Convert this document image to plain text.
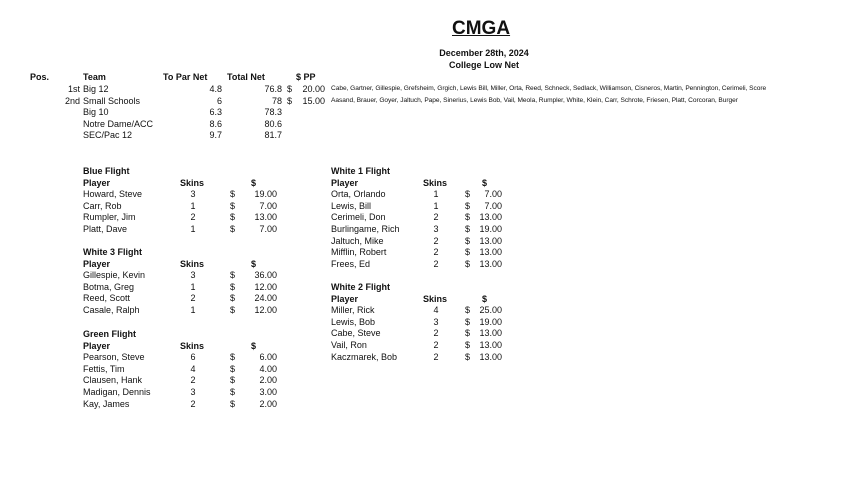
CMGA
December 28th, 2024
College Low Net
Pos.	Team	To Par Net Total Net	$ PP
1st Big 12	4.8	76.8 $	20.00 Cabe, Gartner, Gillespie, Grefsheim, Grgich, Lewis Bill, Miller, Orta, Reed, Schneck, Sedlack, Williamson, Cisneros, Martin, Pennington, Cerimeli, Score
2nd Small Schools	6	78 $	15.00 Aasand, Brauer, Goyer, Jaltuch, Pape, Sinerius, Lewis Bob, Vail, Meola, Rumpler, White, Klein, Carr, Schrote, Friesen, Platt, Corcoran, Burger
Big 10	6.3	78.3
Notre Dame/ACC	8.6	80.6
SEC/Pac 12	9.7	81.7
Blue Flight
Player	Skins	$
Howard, Steve	3	$	19.00
Carr, Rob	1	$	7.00
Rumpler, Jim	2	$	13.00
Platt, Dave	1	$	7.00
White 3 Flight
Player	Skins	$
Gillespie, Kevin	3	$	36.00
Botma, Greg	1	$	12.00
Reed, Scott	2	$	24.00
Casale, Ralph	1	$	12.00
Green Flight
Player	Skins	$
Pearson, Steve	6	$	6.00
Fettis, Tim	4	$	4.00
Clausen, Hank	2	$	2.00
Madigan, Dennis	3	$	3.00
Kay, James	2	$	2.00
White 1 Flight
Player	Skins	$
Orta, Orlando	1	$	7.00
Lewis, Bill	1	$	7.00
Cerimeli, Don	2	$	13.00
Burlingame, Rich	3	$	19.00
Jaltuch, Mike	2	$	13.00
Mifflin, Robert	2	$	13.00
Frees, Ed	2	$	13.00
White 2 Flight
Player	Skins	$
Miller, Rick	4	$	25.00
Lewis, Bob	3	$	19.00
Cabe, Steve	2	$	13.00
Vail, Ron	2	$	13.00
Kaczmarek, Bob	2	$	13.00
